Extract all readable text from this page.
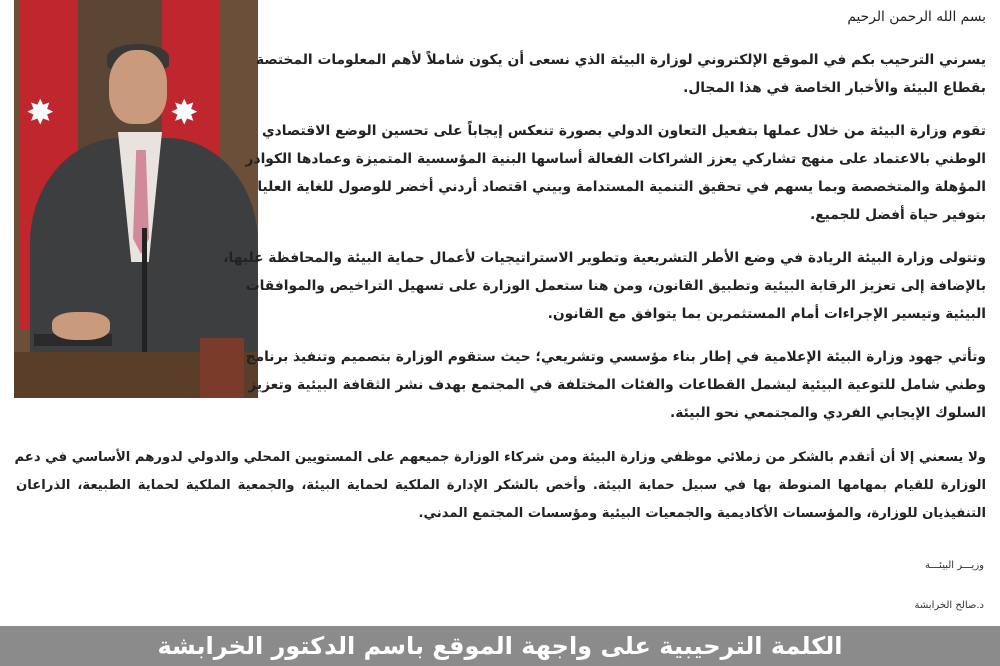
✸	✸
بسم الله الرحمن الرحيم
يسرني الترحيب بكم في الموقع الإلكتروني لوزارة البيئة الذي نسعى أن يكون شاملاً لأهم المعلومات المختصة
بقطاع البيئة والأخبار الخاصة في هذا المجال.
تقوم وزارة البيئة من خلال عملها بتفعيل التعاون الدولي بصورة تنعكس إيجاباً على تحسين الوضع الاقتصادي
الوطني بالاعتماد على منهج تشاركي يعزز الشراكات الفعالة أساسها البنية المؤسسية المتميزة وعمادها الكوادر
المؤهلة والمتخصصة وبما يسهم في تحقيق التنمية المستدامة وبيني اقتصاد أردني أخضر للوصول للغاية العليا
بتوفير حياة أفضل للجميع.
وتتولى وزارة البيئة الريادة في وضع الأطر التشريعية وتطوير الاستراتيجيات لأعمال حماية البيئة والمحافظة عليها،
بالإضافة إلى تعزيز الرقابة البيئية وتطبيق القانون، ومن هنا ستعمل الوزارة على تسهيل التراخيص والموافقات
البيئية وتيسير الإجراءات أمام المستثمرين بما يتوافق مع القانون.
وتأتي جهود وزارة البيئة الإعلامية في إطار بناء مؤسسي وتشريعي؛ حيث ستقوم الوزارة بتصميم وتنفيذ برنامج
وطني شامل للتوعية البيئية ليشمل القطاعات والفئات المختلفة في المجتمع بهدف نشر الثقافة البيئية وتعزيز
السلوك الإيجابي الفردي والمجتمعي نحو البيئة.
ولا يسعني إلا أن أتقدم بالشكر من زملائي موظفي وزارة البيئة ومن شركاء الوزارة جميعهم على المستويين المحلي والدولي لدورهم الأساسي في دعم
الوزارة للقيام بمهامها المنوطة بها في سبيل حماية البيئة. وأخص بالشكر الإدارة الملكية لحماية البيئة، والجمعية الملكية لحماية الطبيعة، الذراعان
التنفيذيان للوزارة، والمؤسسات الأكاديمية والجمعيات البيئية ومؤسسات المجتمع المدني.
وزيـــر البيئـــة
د.صالح الخرابشة
الكلمة الترحيبية على واجهة الموقع باسم الدكتور الخرابشة
